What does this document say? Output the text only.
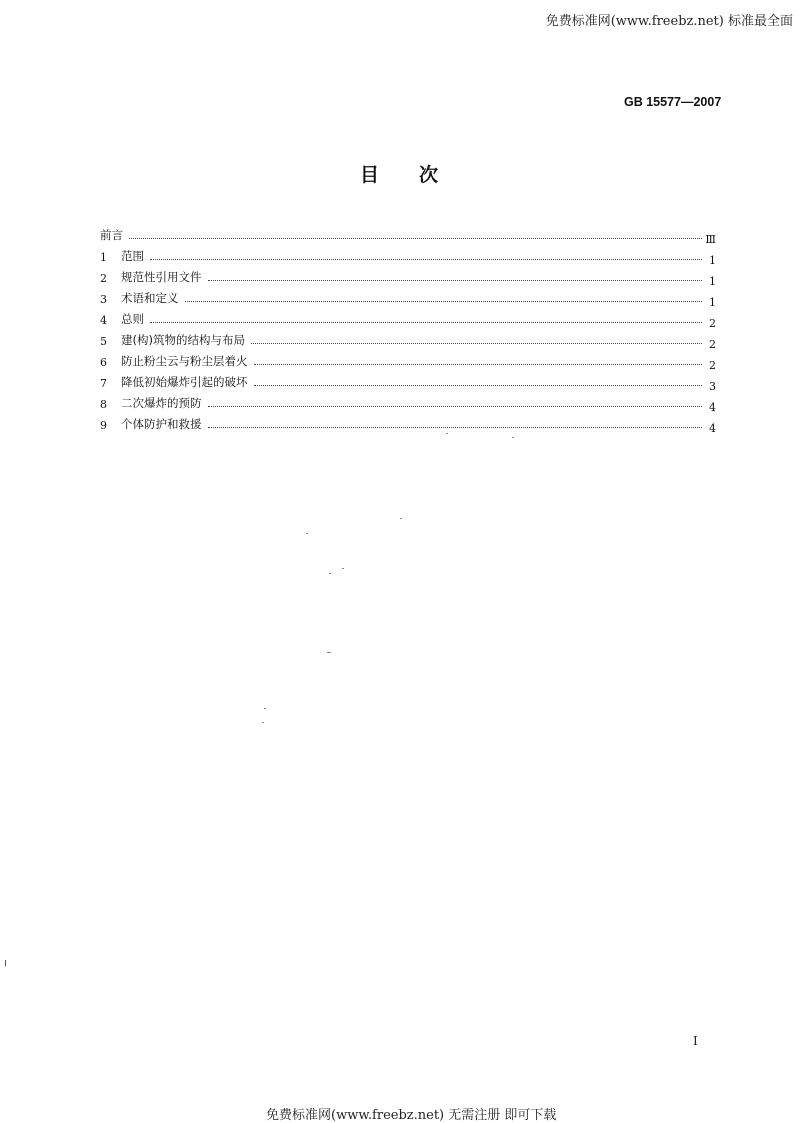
免费标准网(www.freebz.net) 标准最全面
GB 15577—2007
目 次
前言	Ⅲ
1	范围	1
2	规范性引用文件	1
3	术语和定义	1
4	总则	2
5	建(构)筑物的结构与布局	2
6	防止粉尘云与粉尘层着火	2
7	降低初始爆炸引起的破坏	3
8	二次爆炸的预防	4
9	个体防护和救援	4
I
免费标准网(www.freebz.net) 无需注册 即可下载
